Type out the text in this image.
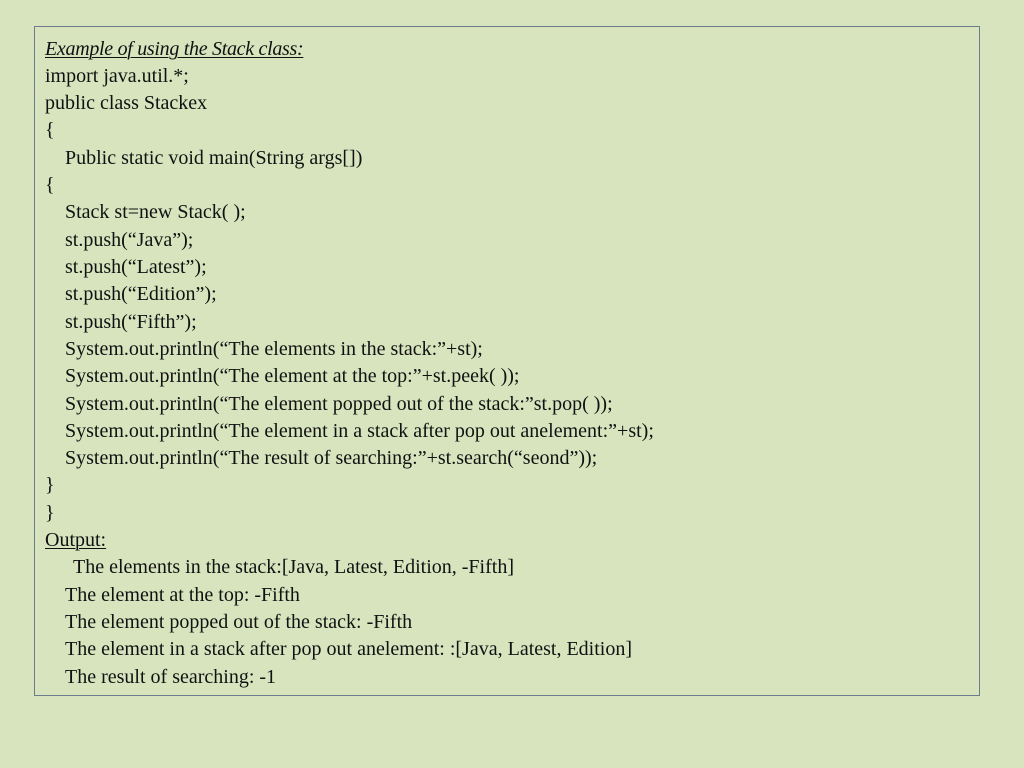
Example of using the Stack class:
import java.util.*;
public class Stackex
{
Public static void main(String args[])
{
Stack st=new Stack( );
st.push(“Java”);
st.push(“Latest”);
st.push(“Edition”);
st.push(“Fifth”);
System.out.println(“The elements in the stack:”+st);
System.out.println(“The element at the top:”+st.peek( ));
System.out.println(“The element popped out of the stack:”st.pop( ));
System.out.println(“The element in a stack after pop out anelement:”+st);
System.out.println(“The result of searching:”+st.search(“seond”));
}
}
Output:
The elements in the stack:[Java, Latest, Edition, -Fifth]
The element at the top: -Fifth
The element popped out of the stack: -Fifth
The element in a stack after pop out anelement: :[Java, Latest, Edition]
The result of searching: -1
